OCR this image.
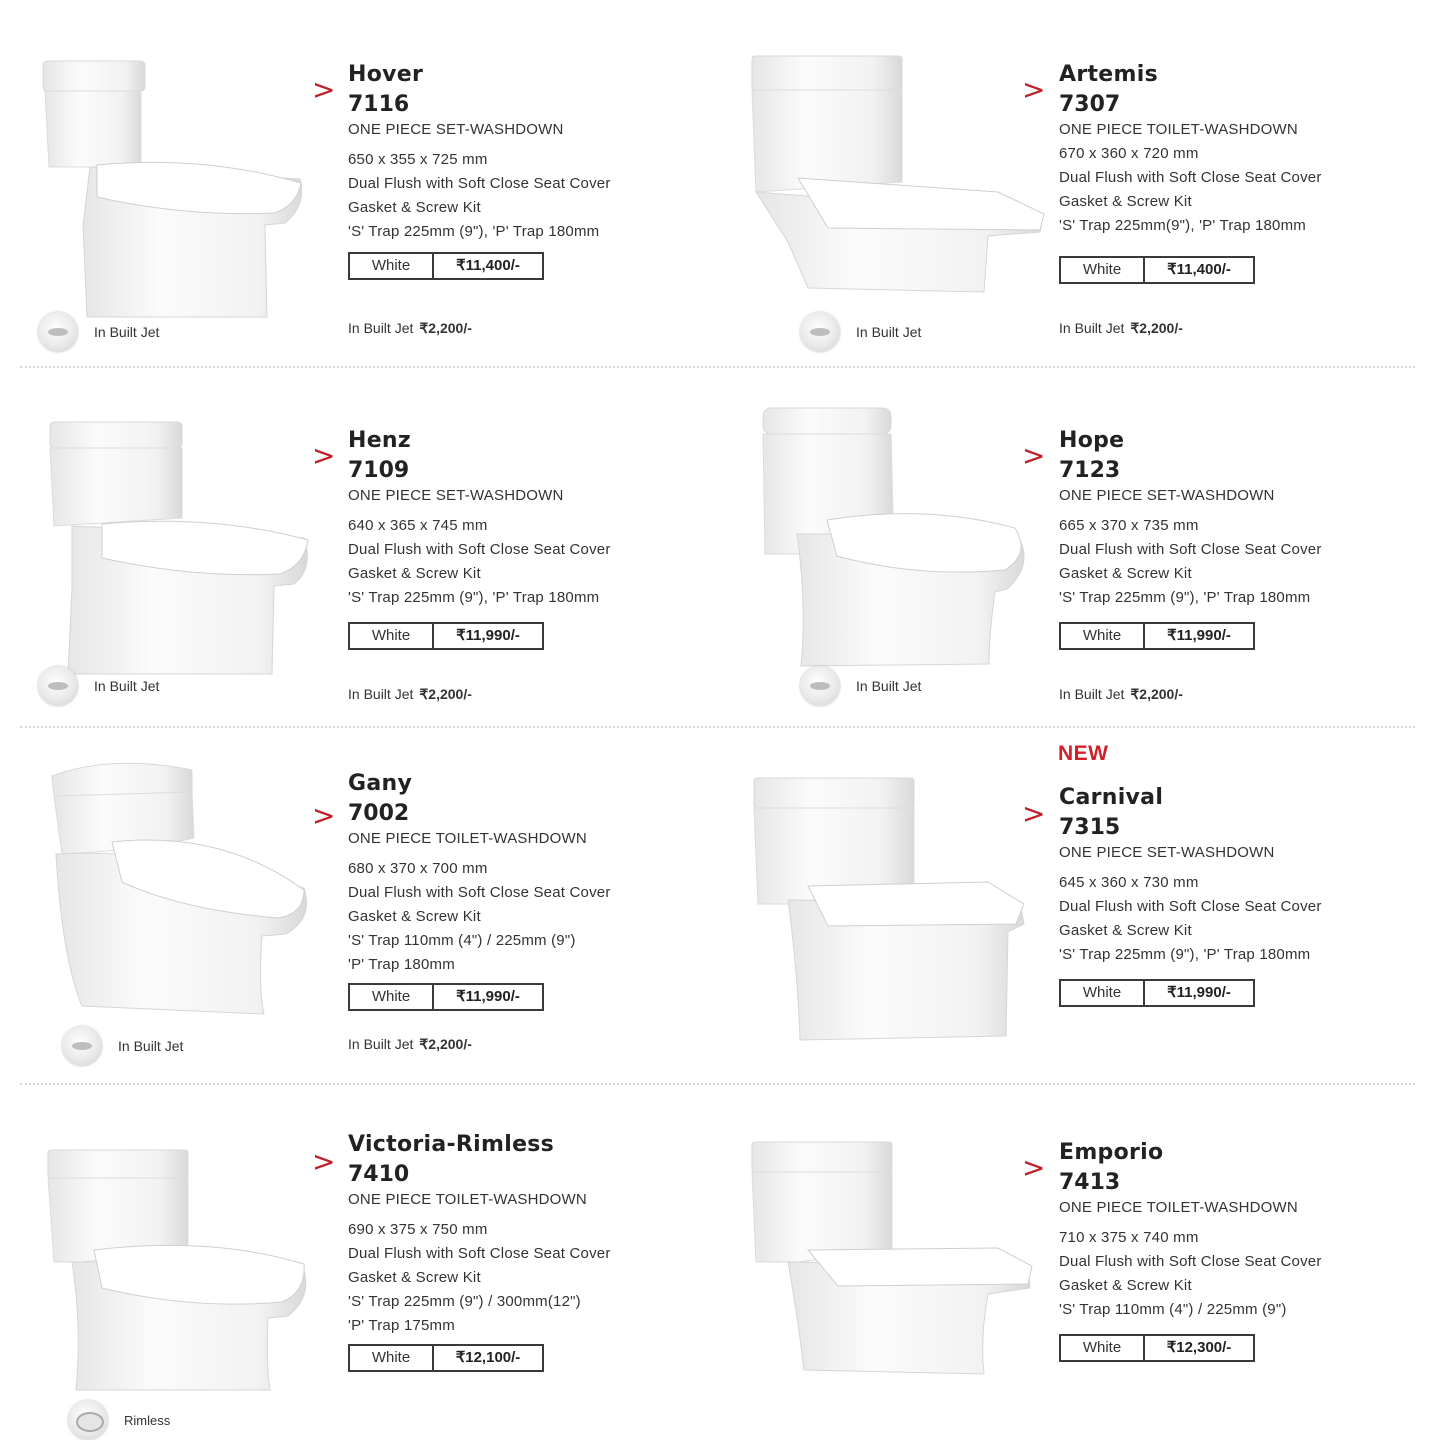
In Built Jet
> Hover
7116
ONE PIECE SET-WASHDOWN
650 x 355 x 725 mm
Dual Flush with Soft Close Seat Cover
Gasket & Screw Kit
'S' Trap 225mm (9"), 'P' Trap 180mm
White	₹11,400/-
In Built Jet ₹2,200/-	In Built Jet
> Artemis
7307
ONE PIECE TOILET-WASHDOWN
670 x 360 x 720 mm
Dual Flush with Soft Close Seat Cover
Gasket & Screw Kit
'S' Trap 225mm(9"), 'P' Trap 180mm
White	₹11,400/-
In Built Jet ₹2,200/-
In Built Jet
> Henz
7109
ONE PIECE SET-WASHDOWN
640 x 365 x 745 mm
Dual Flush with Soft Close Seat Cover
Gasket & Screw Kit
'S' Trap 225mm (9"), 'P' Trap 180mm
White	₹11,990/-
In Built Jet ₹2,200/-	In Built Jet
> Hope
7123
ONE PIECE SET-WASHDOWN
665 x 370 x 735 mm
Dual Flush with Soft Close Seat Cover
Gasket & Screw Kit
'S' Trap 225mm (9"), 'P' Trap 180mm
White	₹11,990/-
In Built Jet ₹2,200/-
In Built Jet
>
Gany
7002
ONE PIECE TOILET-WASHDOWN
680 x 370 x 700 mm
Dual Flush with Soft Close Seat Cover
Gasket & Screw Kit
'S' Trap 110mm (4") / 225mm (9")
'P' Trap 180mm
White	₹11,990/-
In Built Jet ₹2,200/-
NEW
> Carnival
7315
ONE PIECE SET-WASHDOWN
645 x 360 x 730 mm
Dual Flush with Soft Close Seat Cover
Gasket & Screw Kit
'S' Trap 225mm (9"), 'P' Trap 180mm
White	₹11,990/-
Rimless
>
Victoria-Rimless
7410
ONE PIECE TOILET-WASHDOWN
690 x 375 x 750 mm
Dual Flush with Soft Close Seat Cover
Gasket & Screw Kit
'S' Trap 225mm (9") / 300mm(12")
'P' Trap 175mm
White	₹12,100/-
> Emporio
7413
ONE PIECE TOILET-WASHDOWN
710 x 375 x 740 mm
Dual Flush with Soft Close Seat Cover
Gasket & Screw Kit
'S' Trap 110mm (4") / 225mm (9")
White	₹12,300/-
